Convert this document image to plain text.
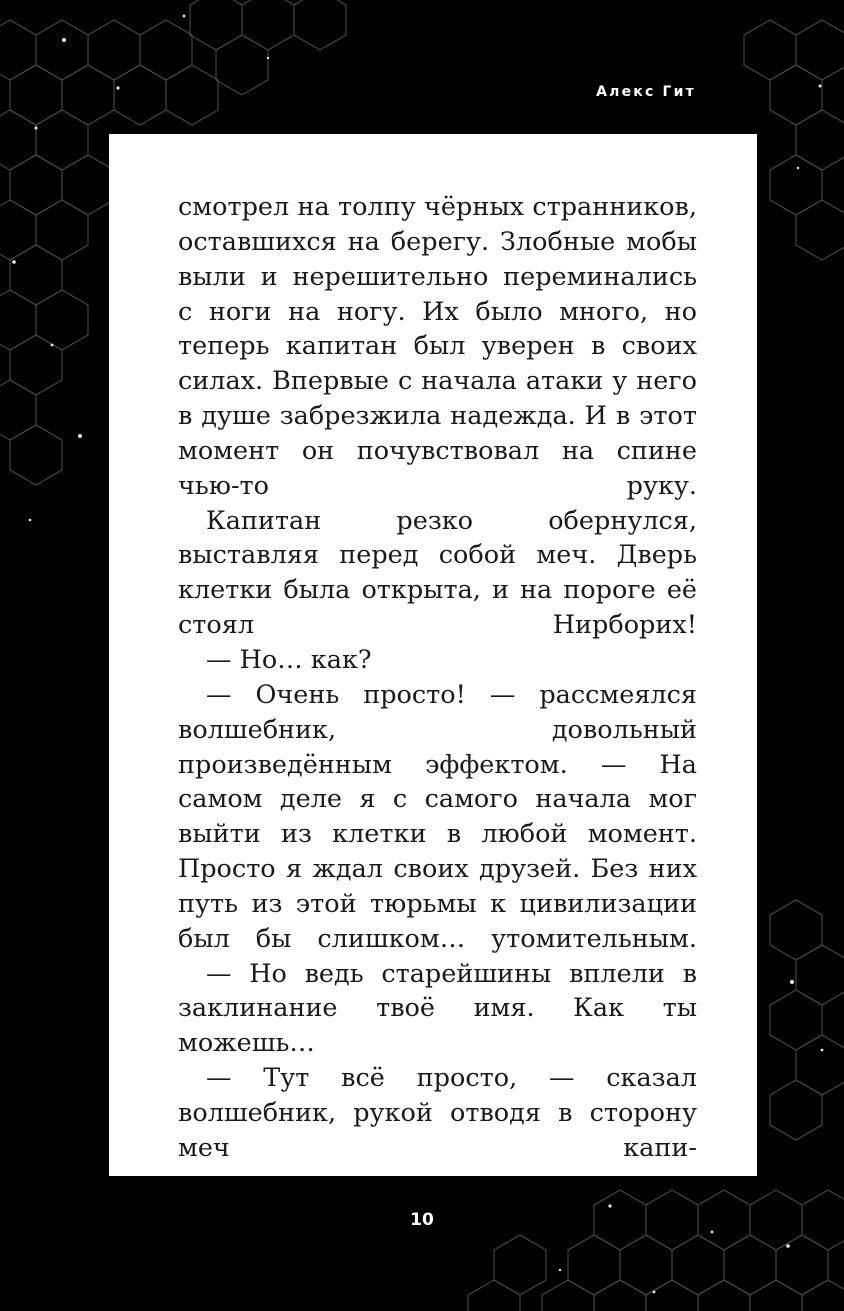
Алекс Гит

смотрел на толпу чёрных странников, оставшихся на берегу. Злобные мобы выли и нерешительно переминались с ноги на ногу. Их было много, но теперь капитан был уверен в своих силах. Впервые с начала атаки у него в душе забрезжила надежда. И в этот момент он почувствовал на спине чью-то руку.

Капитан резко обернулся, выставляя перед собой меч. Дверь клетки была открыта, и на пороге её стоял Нирборих!

— Но… как?

— Очень просто! — рассмеялся волшебник, довольный произведённым эффектом. — На самом деле я с самого начала мог выйти из клетки в любой момент. Просто я ждал своих друзей. Без них путь из этой тюрьмы к цивилизации был бы слишком… утомительным.

— Но ведь старейшины вплели в заклинание твоё имя. Как ты можешь…

— Тут всё просто, — сказал волшебник, рукой отводя в сторону меч капи-

10
